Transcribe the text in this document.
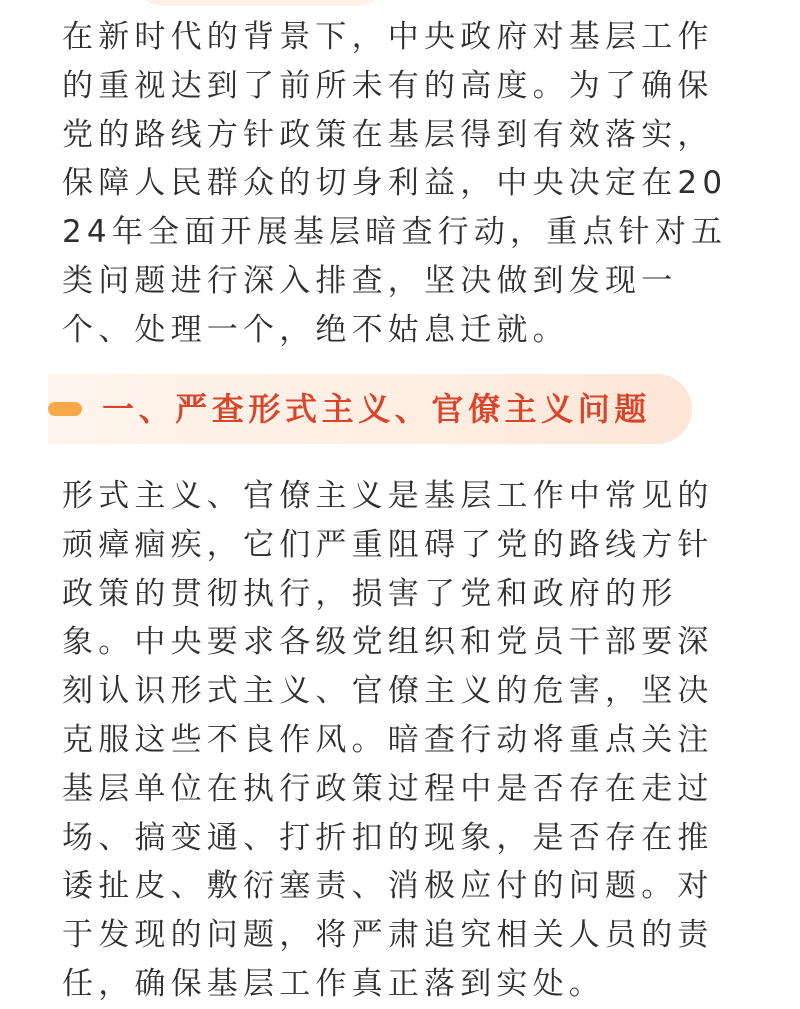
在新时代的背景下，中央政府对基层工作的重视达到了前所未有的高度。为了确保党的路线方针政策在基层得到有效落实，保障人民群众的切身利益，中央决定在2024年全面开展基层暗查行动，重点针对五类问题进行深入排查，坚决做到发现一个、处理一个，绝不姑息迁就。

一、严查形式主义、官僚主义问题

形式主义、官僚主义是基层工作中常见的顽瘴痼疾，它们严重阻碍了党的路线方针政策的贯彻执行，损害了党和政府的形象。中央要求各级党组织和党员干部要深刻认识形式主义、官僚主义的危害，坚决克服这些不良作风。暗查行动将重点关注基层单位在执行政策过程中是否存在走过场、搞变通、打折扣的现象，是否存在推诿扯皮、敷衍塞责、消极应付的问题。对于发现的问题，将严肃追究相关人员的责任，确保基层工作真正落到实处。
